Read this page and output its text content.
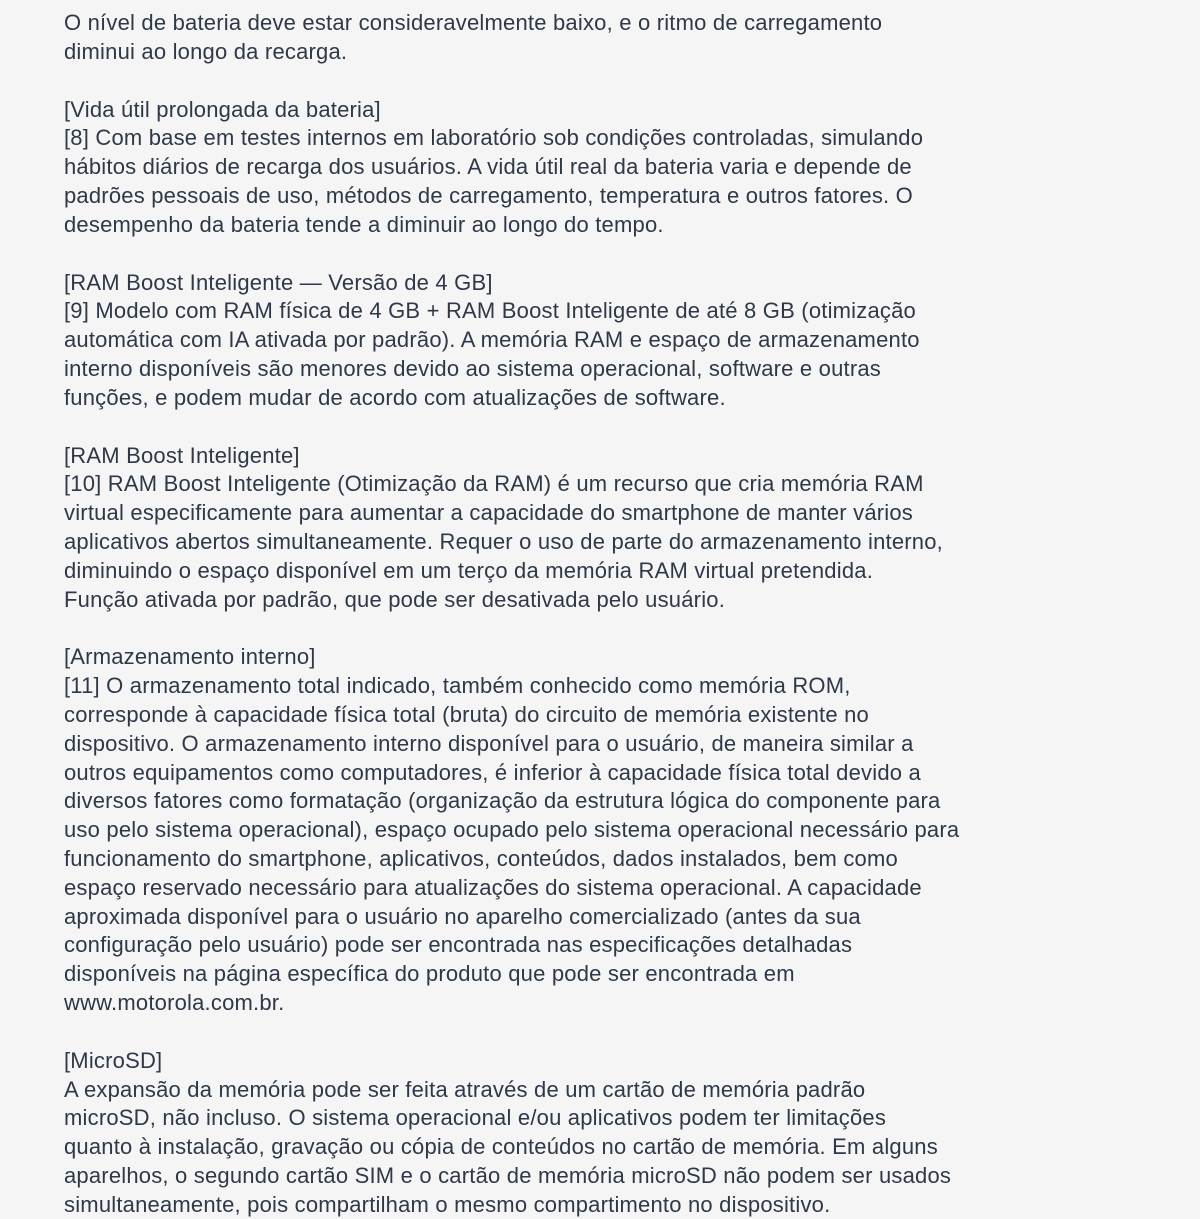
O nível de bateria deve estar consideravelmente baixo, e o ritmo de carregamento
diminui ao longo da recarga.
[Vida útil prolongada da bateria]
[8] Com base em testes internos em laboratório sob condições controladas, simulando
hábitos diários de recarga dos usuários. A vida útil real da bateria varia e depende de
padrões pessoais de uso, métodos de carregamento, temperatura e outros fatores. O
desempenho da bateria tende a diminuir ao longo do tempo.
[RAM Boost Inteligente — Versão de 4 GB]
[9] Modelo com RAM física de 4 GB + RAM Boost Inteligente de até 8 GB (otimização
automática com IA ativada por padrão). A memória RAM e espaço de armazenamento
interno disponíveis são menores devido ao sistema operacional, software e outras
funções, e podem mudar de acordo com atualizações de software.
[RAM Boost Inteligente]
[10] RAM Boost Inteligente (Otimização da RAM) é um recurso que cria memória RAM
virtual especificamente para aumentar a capacidade do smartphone de manter vários
aplicativos abertos simultaneamente. Requer o uso de parte do armazenamento interno,
diminuindo o espaço disponível em um terço da memória RAM virtual pretendida.
Função ativada por padrão, que pode ser desativada pelo usuário.
[Armazenamento interno]
[11] O armazenamento total indicado, também conhecido como memória ROM,
corresponde à capacidade física total (bruta) do circuito de memória existente no
dispositivo. O armazenamento interno disponível para o usuário, de maneira similar a
outros equipamentos como computadores, é inferior à capacidade física total devido a
diversos fatores como formatação (organização da estrutura lógica do componente para
uso pelo sistema operacional), espaço ocupado pelo sistema operacional necessário para
funcionamento do smartphone, aplicativos, conteúdos, dados instalados, bem como
espaço reservado necessário para atualizações do sistema operacional. A capacidade
aproximada disponível para o usuário no aparelho comercializado (antes da sua
configuração pelo usuário) pode ser encontrada nas especificações detalhadas
disponíveis na página específica do produto que pode ser encontrada em
www.motorola.com.br.
[MicroSD]
A expansão da memória pode ser feita através de um cartão de memória padrão
microSD, não incluso. O sistema operacional e/ou aplicativos podem ter limitações
quanto à instalação, gravação ou cópia de conteúdos no cartão de memória. Em alguns
aparelhos, o segundo cartão SIM e o cartão de memória microSD não podem ser usados
simultaneamente, pois compartilham o mesmo compartimento no dispositivo.
